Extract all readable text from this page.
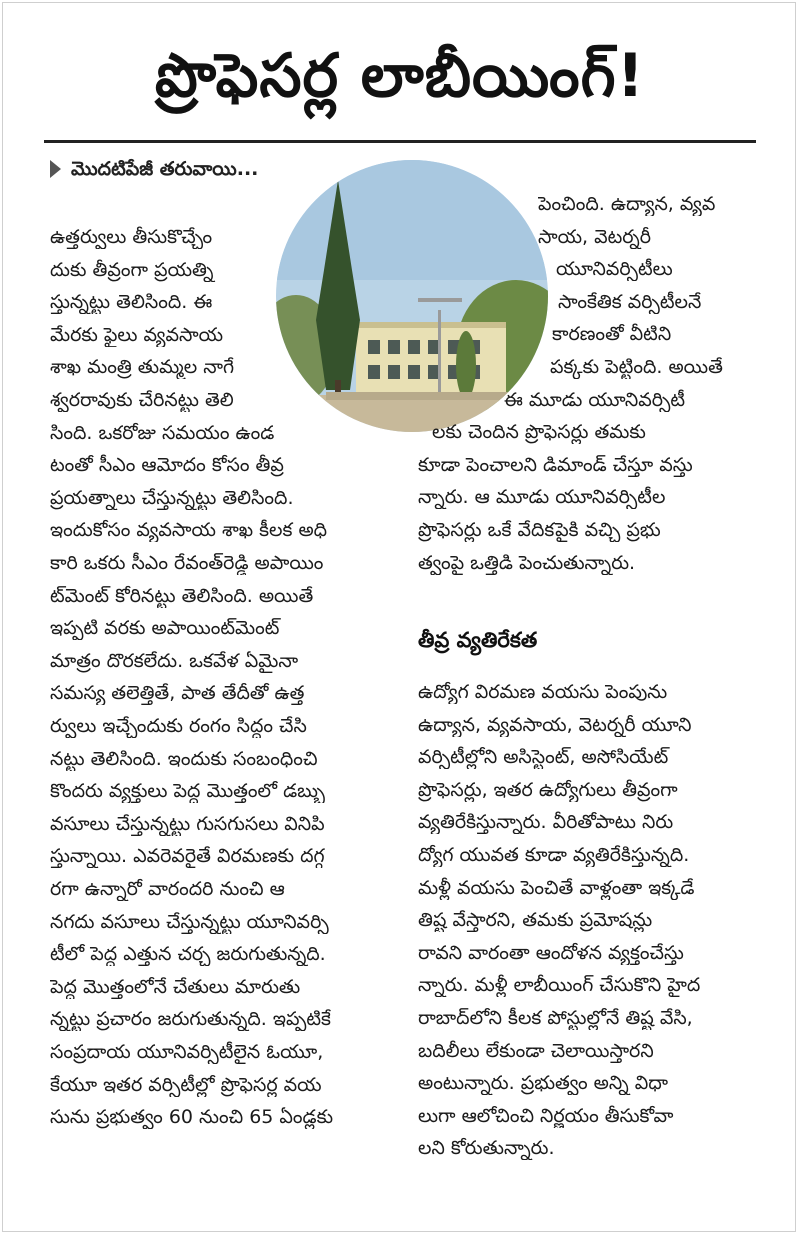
ప్రొఫెసర్ల లాబీయింగ్!
మొదటిపేజీ తరువాయి...
ఉత్తర్వులు తీసుకొచ్చేం
దుకు తీవ్రంగా ప్రయత్ని
స్తున్నట్టు తెలిసింది. ఈ
మేరకు ఫైలు వ్యవసాయ
శాఖ మంత్రి తుమ్మల నాగే
శ్వరరావుకు చేరినట్టు తెలి
సింది. ఒకరోజు సమయం ఉండ
టంతో సీఎం ఆమోదం కోసం తీవ్ర
ప్రయత్నాలు చేస్తున్నట్టు తెలిసింది.
ఇందుకోసం వ్యవసాయ శాఖ కీలక అధి
కారి ఒకరు సీఎం రేవంత్‌రెడ్డి అపాయిం
ట్‌మెంట్ కోరినట్టు తెలిసింది. అయితే
ఇప్పటి వరకు అపాయింట్‌మెంట్
మాత్రం దొరకలేదు. ఒకవేళ ఏమైనా
సమస్య తలెత్తితే, పాత తేదీతో ఉత్త
ర్వులు ఇచ్చేందుకు రంగం సిద్ధం చేసి
నట్టు తెలిసింది. ఇందుకు సంబంధించి
కొందరు వ్యక్తులు పెద్ద మొత్తంలో డబ్బు
వసూలు చేస్తున్నట్టు గుసగుసలు వినిపి
స్తున్నాయి. ఎవరెవరైతే విరమణకు దగ్గ
రగా ఉన్నారో వారందరి నుంచి ఆ
నగదు వసూలు చేస్తున్నట్టు యూనివర్సి
టీలో పెద్ద ఎత్తున చర్చ జరుగుతున్నది.
పెద్ద మొత్తంలోనే చేతులు మారుతు
న్నట్టు ప్రచారం జరుగుతున్నది. ఇప్పటికే
సంప్రదాయ యూనివర్సిటీలైన ఓయూ,
కేయూ ఇతర వర్సిటీల్లో ప్రొఫెసర్ల వయ
సును ప్రభుత్వం 60 నుంచి 65 ఏండ్లకు
పెంచింది. ఉద్యాన, వ్యవ
సాయ, వెటర్నరీ
యూనివర్సిటీలు
సాంకేతిక వర్సిటీలనే
కారణంతో వీటిని
పక్కకు పెట్టింది. అయితే
ఈ మూడు యూనివర్సిటీ
లకు చెందిన ప్రొఫెసర్లు తమకు
కూడా పెంచాలని డిమాండ్ చేస్తూ వస్తు
న్నారు. ఆ మూడు యూనివర్సిటీల
ప్రొఫెసర్లు ఒకే వేదికపైకి వచ్చి ప్రభు
త్వంపై ఒత్తిడి పెంచుతున్నారు.
తీవ్ర వ్యతిరేకత
ఉద్యోగ విరమణ వయసు పెంపును
ఉద్యాన, వ్యవసాయ, వెటర్నరీ యూని
వర్సిటీల్లోని అసిస్టెంట్, అసోసియేట్
ప్రొఫెసర్లు, ఇతర ఉద్యోగులు తీవ్రంగా
వ్యతిరేకిస్తున్నారు. వీరితోపాటు నిరు
ద్యోగ యువత కూడా వ్యతిరేకిస్తున్నది.
మళ్లీ వయసు పెంచితే వాళ్లంతా ఇక్కడే
తిష్ట వేస్తారని, తమకు ప్రమోషన్లు
రావని వారంతా ఆందోళన వ్యక్తంచేస్తు
న్నారు. మళ్లీ లాబీయింగ్ చేసుకొని హైద
రాబాద్‌లోని కీలక పోస్టుల్లోనే తిష్ట వేసి,
బదిలీలు లేకుండా చెలాయిస్తారని
అంటున్నారు. ప్రభుత్వం అన్ని విధా
లుగా ఆలోచించి నిర్ణయం తీసుకోవా
లని కోరుతున్నారు.
